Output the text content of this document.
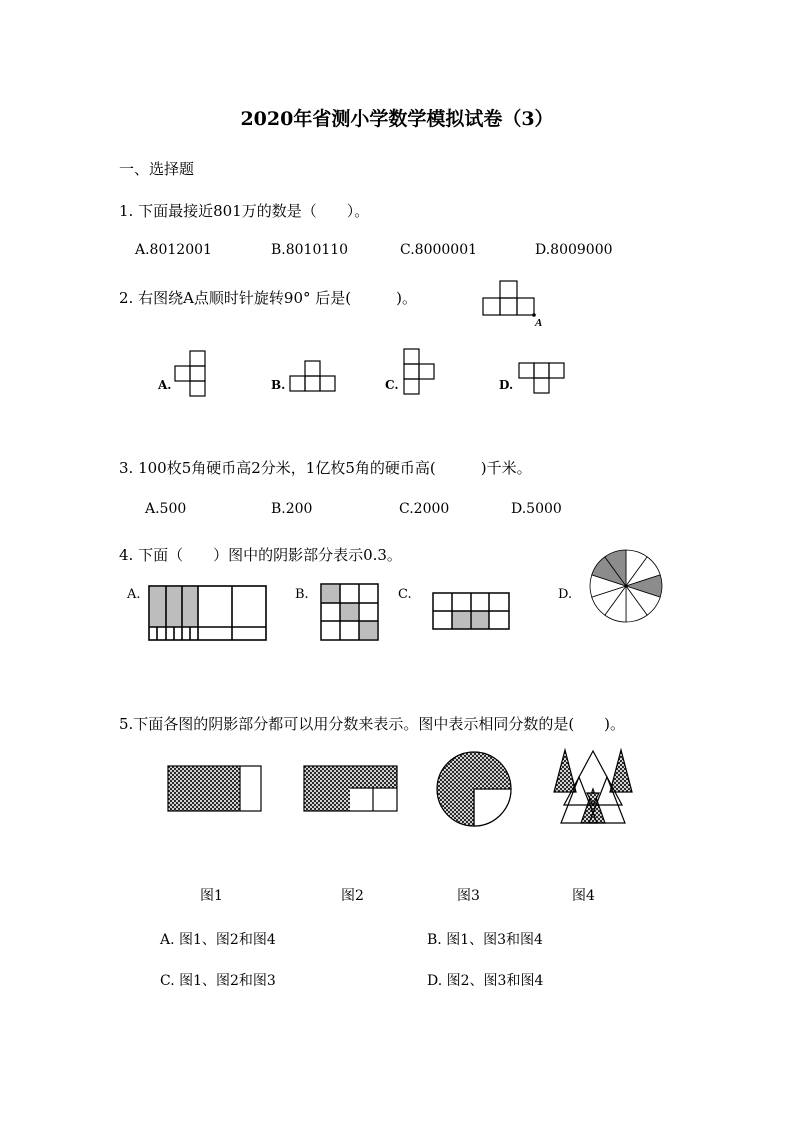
2020年省测小学数学模拟试卷（3）
一、选择题
1. 下面最接近801万的数是（　　）。
A.8012001	B.8010110	C.8000001	D.8009000
2. 右图绕A点顺时针旋转90° 后是(　　　)。
A
A.	B.	C.	D.
3. 100枚5角硬币高2分米，1亿枚5角的硬币高(　　　)千米。
A.500	B.200	C.2000	D.5000
4. 下面（　　）图中的阴影部分表示0.3。
A.	B.	C.	D.
5.下面各图的阴影部分都可以用分数来表示。图中表示相同分数的是(　　)。
图1	图2	图3	图4
A. 图1、图2和图4	B. 图1、图3和图4
C. 图1、图2和图3	D. 图2、图3和图4
